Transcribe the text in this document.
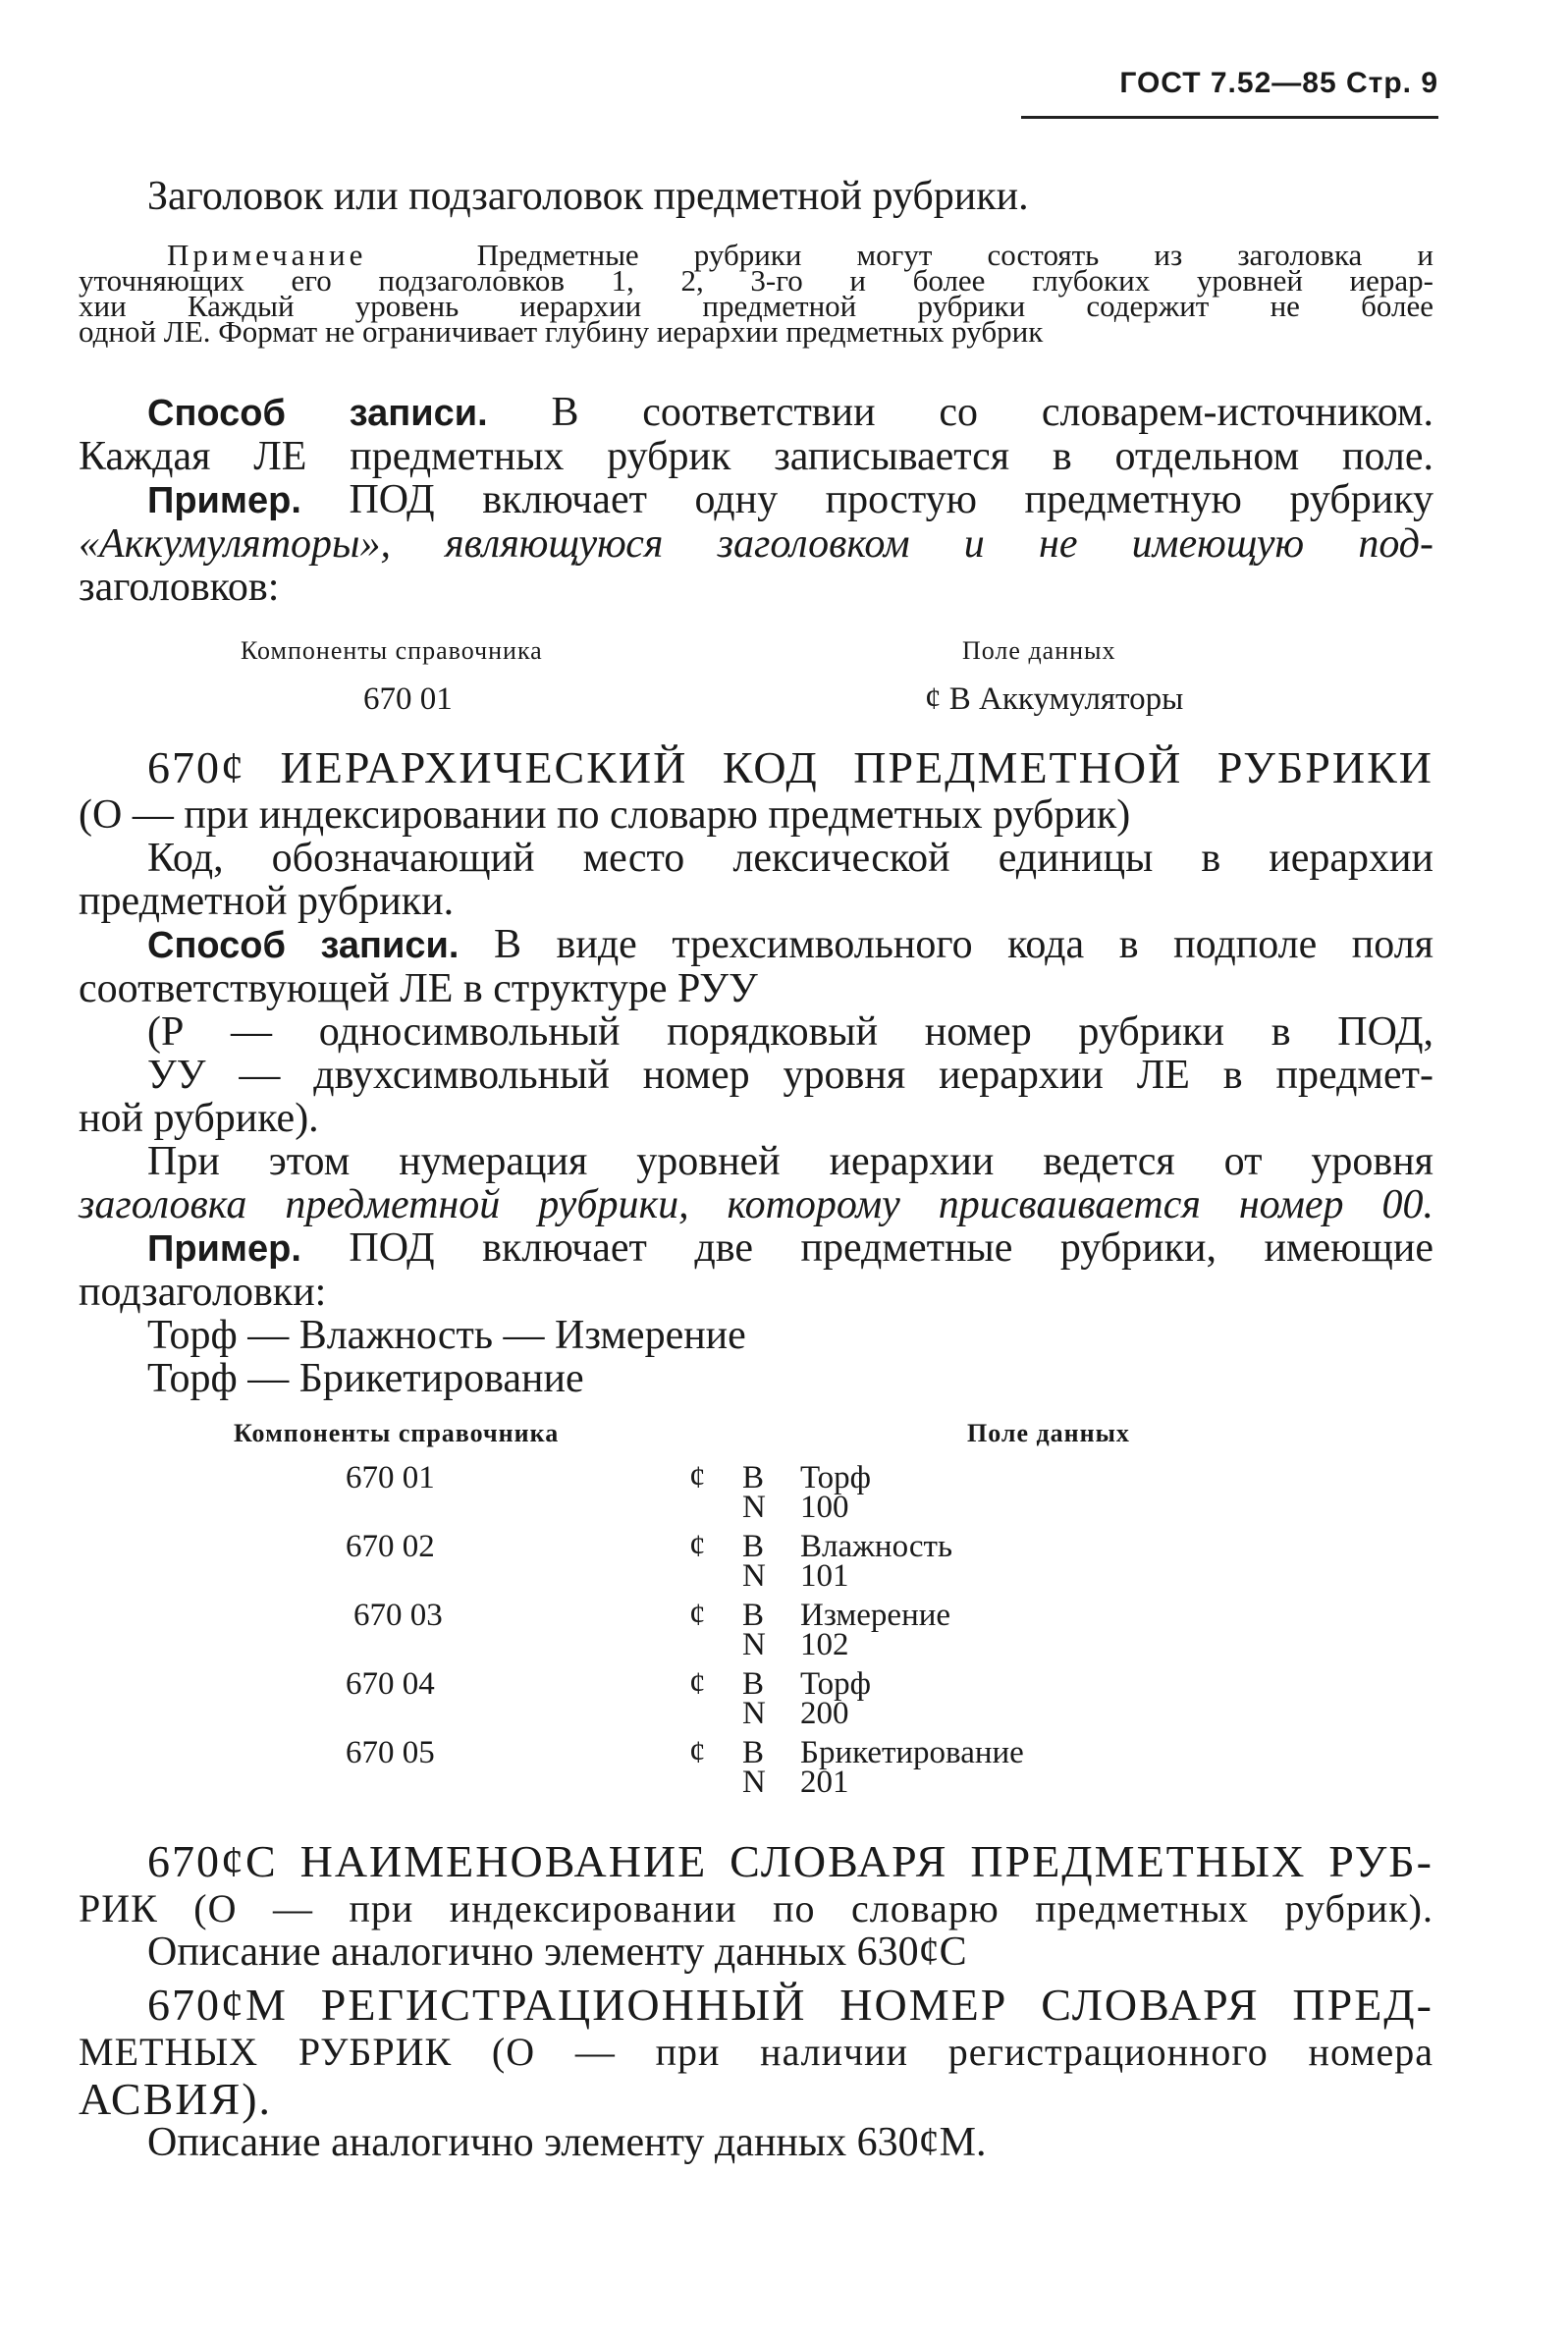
ГОСТ 7.52—85 Стр. 9
Заголовок или подзаголовок предметной рубрики.
Примечание	Предметные рубрики могут состоять из заголовка и
уточняющих его подзаголовков 1, 2, 3-го и более глубоких уровней иерар-
хии Каждый уровень иерархии предметной рубрики содержит не более
одной ЛЕ. Формат не ограничивает глубину иерархии предметных рубрик
Способ записи. В соответствии со словарем-источником.
Каждая ЛЕ предметных рубрик записывается в отдельном поле.
Пример. ПОД включает одну простую предметную рубрику
«Аккумуляторы», являющуюся заголовком и не имеющую под-
заголовков:
Компоненты справочника	Поле данных
670 01	¢ В Аккумуляторы
670¢ ИЕРАРХИЧЕСКИЙ КОД ПРЕДМЕТНОЙ РУБРИКИ
(О — при индексировании по словарю предметных рубрик)
Код, обозначающий место лексической единицы в иерархии
предметной рубрики.
Способ записи. В виде трехсимвольного кода в подполе поля
соответствующей ЛЕ в структуре РУУ
(Р — односимвольный порядковый номер рубрики в ПОД,
УУ — двухсимвольный номер уровня иерархии ЛЕ в предмет-
ной рубрике).
При этом нумерация уровней иерархии ведется от уровня
заголовка предметной рубрики, которому присваивается номер 00.
Пример. ПОД включает две предметные рубрики, имеющие
подзаголовки:
Торф — Влажность — Измерение
Торф — Брикетирование
Компоненты справочника	Поле данных
670 01	¢ В Торф
N 100
670 02	¢ В Влажность
N 101
670 03	¢ В Измерение
N 102
670 04	¢ В Торф
N 200
670 05	¢ В Брикетирование
N 201
670¢С НАИМЕНОВАНИЕ СЛОВАРЯ ПРЕДМЕТНЫХ РУБ-
РИК (О — при индексировании по словарю предметных рубрик).
Описание аналогично элементу данных 630¢С
670¢М РЕГИСТРАЦИОННЫЙ НОМЕР СЛОВАРЯ ПРЕД-
МЕТНЫХ РУБРИК (О — при наличии регистрационного номера
АСВИЯ).
Описание аналогично элементу данных 630¢М.
